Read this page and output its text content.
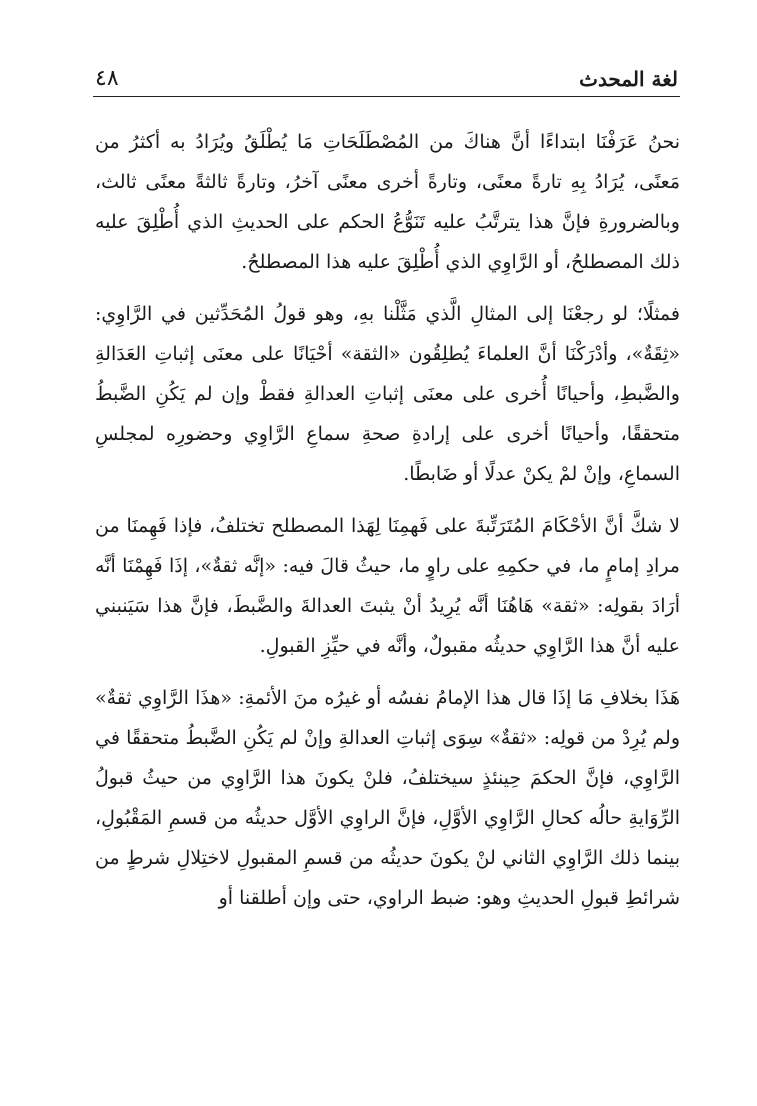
لغة المحدث
٤٨

نحنُ عَرَفْنَا ابتداءًا أنَّ هناكَ من المُصْطَلَحَاتِ مَا يُطْلَقُ ويُرَادُ به أكثرُ من مَعنًى، يُرَادُ بِهِ تارةً معنًى، وتارةً أخرى معنًى آخرُ، وتارةً ثالثةً معنًى ثالث، وبالضرورةِ فإنَّ هذا يترتَّبُ عليه تَنَوُّعُ الحكم على الحديثِ الذي أُطْلِقَ عليه ذلك المصطلحُ، أو الرَّاوِي الذي أُطْلِقَ عليه هذا المصطلحُ.

فمثلًا؛ لو رجعْنَا إلى المثالِ الَّذي مَثَّلْنا بهِ، وهو قولُ المُحَدِّثين في الرَّاوِي: «ثِقَةٌ»، وأدْرَكْنَا أنَّ العلماءَ يُطلِقُون «الثقة» أحْيَانًا على معنَى إثباتِ العَدَالةِ والضَّبطِ، وأحيانًا أُخرى على معنَى إثباتِ العدالةِ فقطْ وإن لم يَكُنِ الضَّبطُ متحققًا، وأحيانًا أخرى على إرادةِ صحةِ سماعِ الرَّاوِي وحضورِه لمجلسِ السماعِ، وإنْ لمْ يكنْ عدلًا أو ضَابطًا.

لا شكَّ أنَّ الأحْكَامَ المُتَرَتِّبةَ على فَهمِنَا لِهَذا المصطلح تختلفُ، فإذا فَهِمنَا من مرادِ إمامٍ ما، في حكمِهِ على راوٍ ما، حيثُ قالَ فيه: «إنَّه ثقةٌ»، إذَا فَهِمْنَا أنَّه أرَادَ بقولِه: «ثقة» هَاهُنَا أنَّه يُرِيدُ أنْ يثبتَ العدالةَ والضَّبطَ، فإنَّ هذا سَيَنبني عليه أنَّ هذا الرَّاوِي حديثُه مقبولٌ، وأنَّه في حيِّزِ القبولِ.

هَذَا بخلافِ مَا إذَا قال هذا الإمامُ نفسُه أو غيرُه منَ الأئمةِ: «هذَا الرَّاوِي ثقةٌ» ولم يُرِدْ من قولِه: «ثقةٌ» سِوَى إثباتِ العدالةِ وإنْ لم يَكُنِ الضَّبطُ متحققًا في الرَّاوِي، فإنَّ الحكمَ حِينئذٍ سيختلفُ، فلنْ يكونَ هذا الرَّاوِي من حيثُ قبولُ الرِّوَايةِ حالُه كحالِ الرَّاوِي الأوَّلِ، فإنَّ الراوِي الأوَّل حديثُه من قسمِ المَقْبُولِ، بينما ذلك الرَّاوِي الثاني لنْ يكونَ حديثُه من قسمِ المقبولِ لاختِلالِ شرطٍ من شرائطِ قبولِ الحديثِ وهو: ضبط الراوي، حتى وإن أطلقنا أو
